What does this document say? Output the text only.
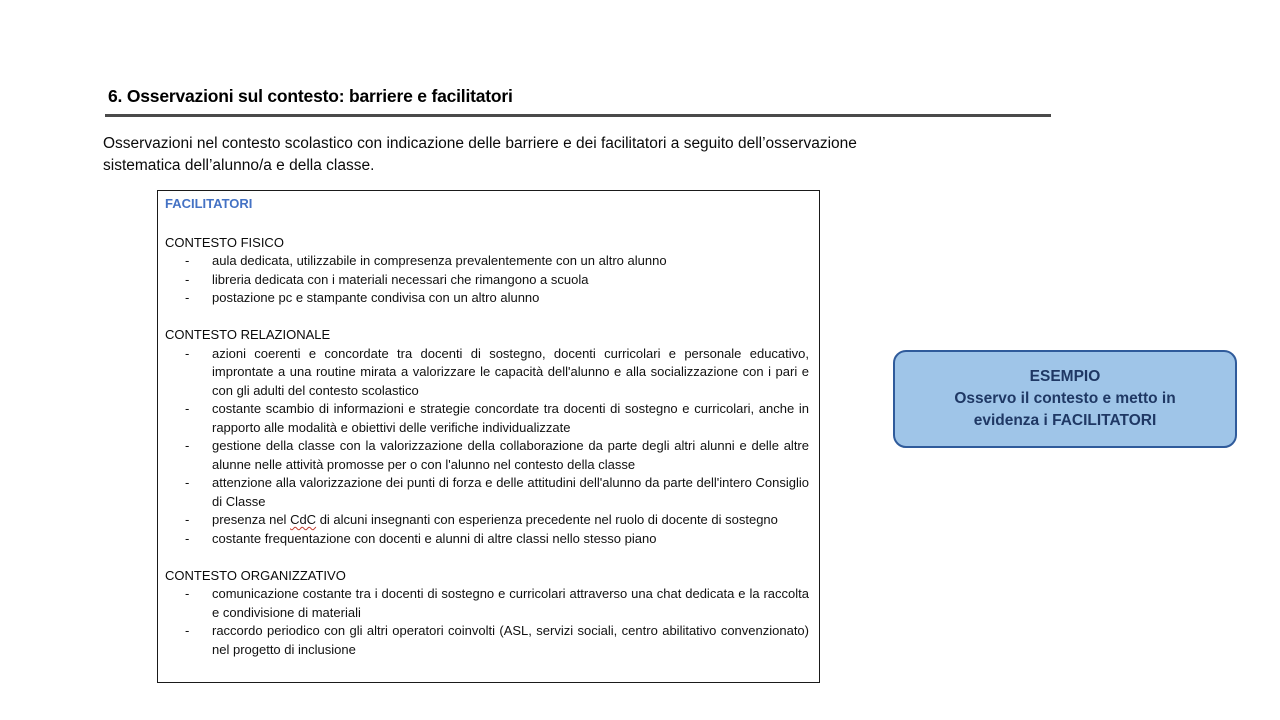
6. Osservazioni sul contesto: barriere e facilitatori
Osservazioni nel contesto scolastico con indicazione delle barriere e dei facilitatori a seguito dell’osservazione
sistematica dell’alunno/a e della classe.
FACILITATORI
CONTESTO FISICO
-	aula dedicata, utilizzabile in compresenza prevalentemente con un altro alunno
-	libreria dedicata con i materiali necessari che rimangono a scuola
-	postazione pc e stampante condivisa con un altro alunno
CONTESTO RELAZIONALE
-	azioni coerenti e concordate tra docenti di sostegno, docenti curricolari e personale educativo, improntate a una routine mirata a valorizzare le capacità dell'alunno e alla socializzazione con i pari e con gli adulti del contesto scolastico
-	costante scambio di informazioni e strategie concordate tra docenti di sostegno e curricolari, anche in rapporto alle modalità e obiettivi delle verifiche individualizzate
-	gestione della classe con la valorizzazione della collaborazione da parte degli altri alunni e delle altre alunne nelle attività promosse per o con l'alunno nel contesto della classe
-	attenzione alla valorizzazione dei punti di forza e delle attitudini dell'alunno da parte dell'intero Consiglio di Classe
-	presenza nel CdC di alcuni insegnanti con esperienza precedente nel ruolo di docente di sostegno
-	costante frequentazione con docenti e alunni di altre classi nello stesso piano
CONTESTO ORGANIZZATIVO
-	comunicazione costante tra i docenti di sostegno e curricolari attraverso una chat dedicata e la raccolta e condivisione di materiali
-	raccordo periodico con gli altri operatori coinvolti (ASL, servizi sociali, centro abilitativo convenzionato) nel progetto di inclusione
ESEMPIO
Osservo il contesto e metto in
evidenza i FACILITATORI
